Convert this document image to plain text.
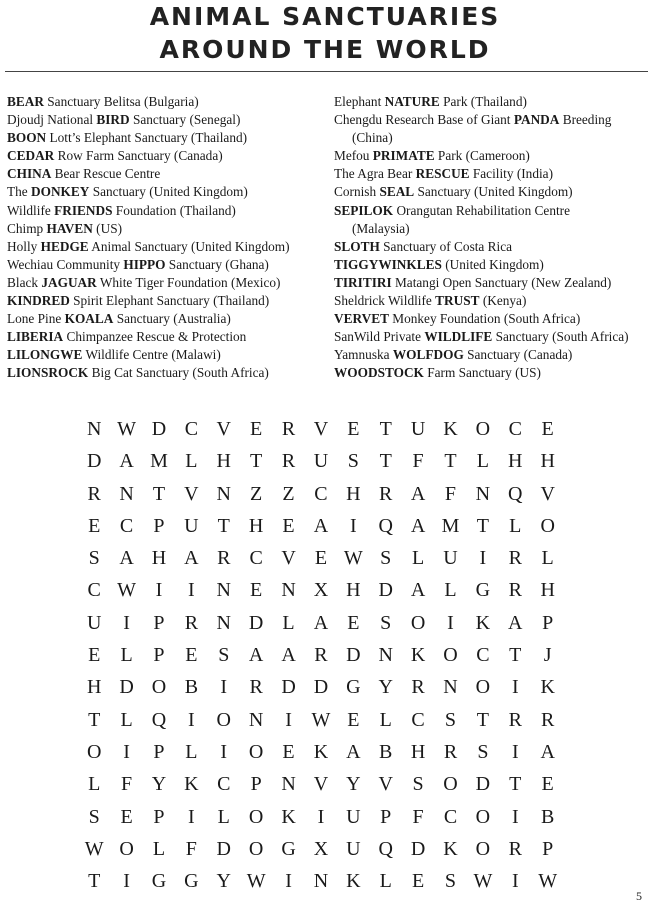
ANIMAL SANCTUARIES
AROUND THE WORLD
BEAR Sanctuary Belitsa (Bulgaria)
Djoudj National BIRD Sanctuary (Senegal)
BOON Lott’s Elephant Sanctuary (Thailand)
CEDAR Row Farm Sanctuary (Canada)
CHINA Bear Rescue Centre
The DONKEY Sanctuary (United Kingdom)
Wildlife FRIENDS Foundation (Thailand)
Chimp HAVEN (US)
Holly HEDGE Animal Sanctuary (United Kingdom)
Wechiau Community HIPPO Sanctuary (Ghana)
Black JAGUAR White Tiger Foundation (Mexico)
KINDRED Spirit Elephant Sanctuary (Thailand)
Lone Pine KOALA Sanctuary (Australia)
LIBERIA Chimpanzee Rescue & Protection
LILONGWE Wildlife Centre (Malawi)
LIONSROCK Big Cat Sanctuary (South Africa)
Elephant NATURE Park (Thailand)
Chengdu Research Base of Giant PANDA Breeding
(China)
Mefou PRIMATE Park (Cameroon)
The Agra Bear RESCUE Facility (India)
Cornish SEAL Sanctuary (United Kingdom)
SEPILOK Orangutan Rehabilitation Centre
(Malaysia)
SLOTH Sanctuary of Costa Rica
TIGGYWINKLES (United Kingdom)
TIRITIRI Matangi Open Sanctuary (New Zealand)
Sheldrick Wildlife TRUST (Kenya)
VERVET Monkey Foundation (South Africa)
SanWild Private WILDLIFE Sanctuary (South Africa)
Yamnuska WOLFDOG Sanctuary (Canada)
WOODSTOCK Farm Sanctuary (US)
N W D C V E R V E	T U K O C E
D A M L H T R U S	T	F	T	L H H
R N T V N Z	Z C H R A F N Q V
E C	P U T H E A	I	Q A M T	L O
S A H A R C V E W S	L U	I	R L
C W I	I	N E N X H D A L G R H
U	I	P	R N D L A E	S O	I	K A P
E	L	P	E	S A A R D N K O C T	J
H D O B	I	R D D G Y R N O	I	K
T	L Q	I	O N	I W E	L C	S	T R R
O	I	P	L	I	O E K A B H R	S	I	A
L	F Y K C	P N V Y V S O D T	E
S	E	P	I	L O K	I	U P	F	C O	I	B
W O L	F D O G X U Q D K O R	P
T	I	G G Y W I	N K L	E	S W I W
5
